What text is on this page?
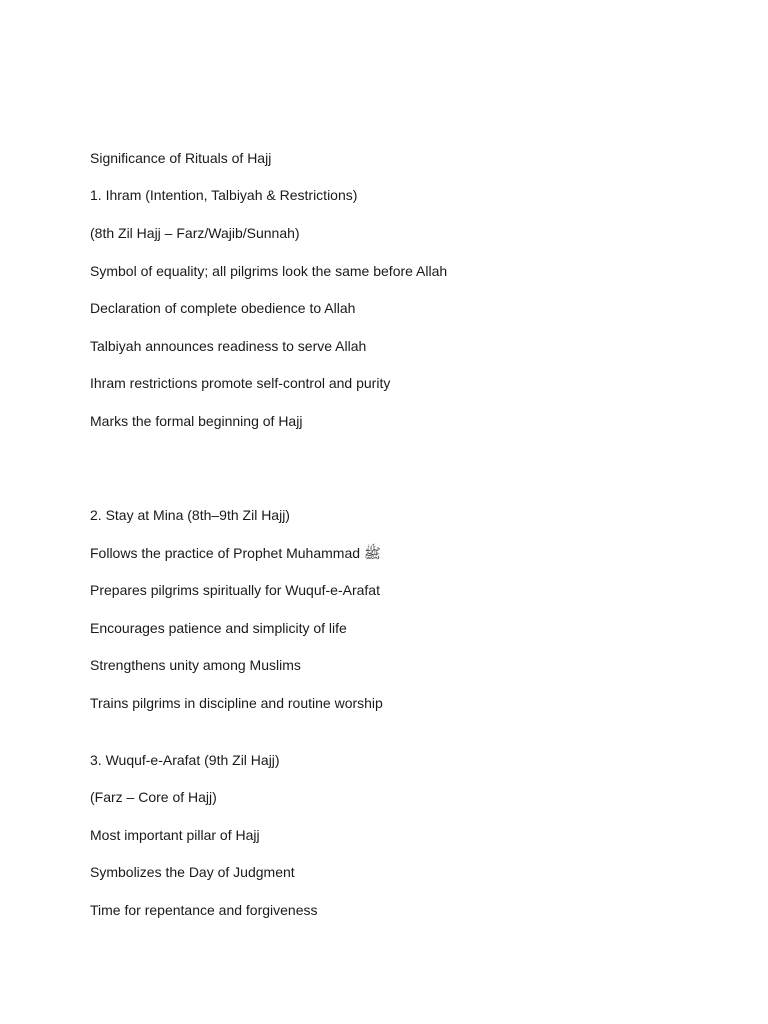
Significance of Rituals of Hajj
1. Ihram (Intention, Talbiyah & Restrictions)

(8th Zil Hajj – Farz/Wajib/Sunnah)

Symbol of equality; all pilgrims look the same before Allah

Declaration of complete obedience to Allah

Talbiyah announces readiness to serve Allah

Ihram restrictions promote self-control and purity

Marks the formal beginning of Hajj

2. Stay at Mina (8th–9th Zil Hajj)

Follows the practice of Prophet Muhammad ﷺ

Prepares pilgrims spiritually for Wuquf-e-Arafat

Encourages patience and simplicity of life

Strengthens unity among Muslims

Trains pilgrims in discipline and routine worship

3. Wuquf-e-Arafat (9th Zil Hajj)

(Farz – Core of Hajj)

Most important pillar of Hajj

Symbolizes the Day of Judgment

Time for repentance and forgiveness
